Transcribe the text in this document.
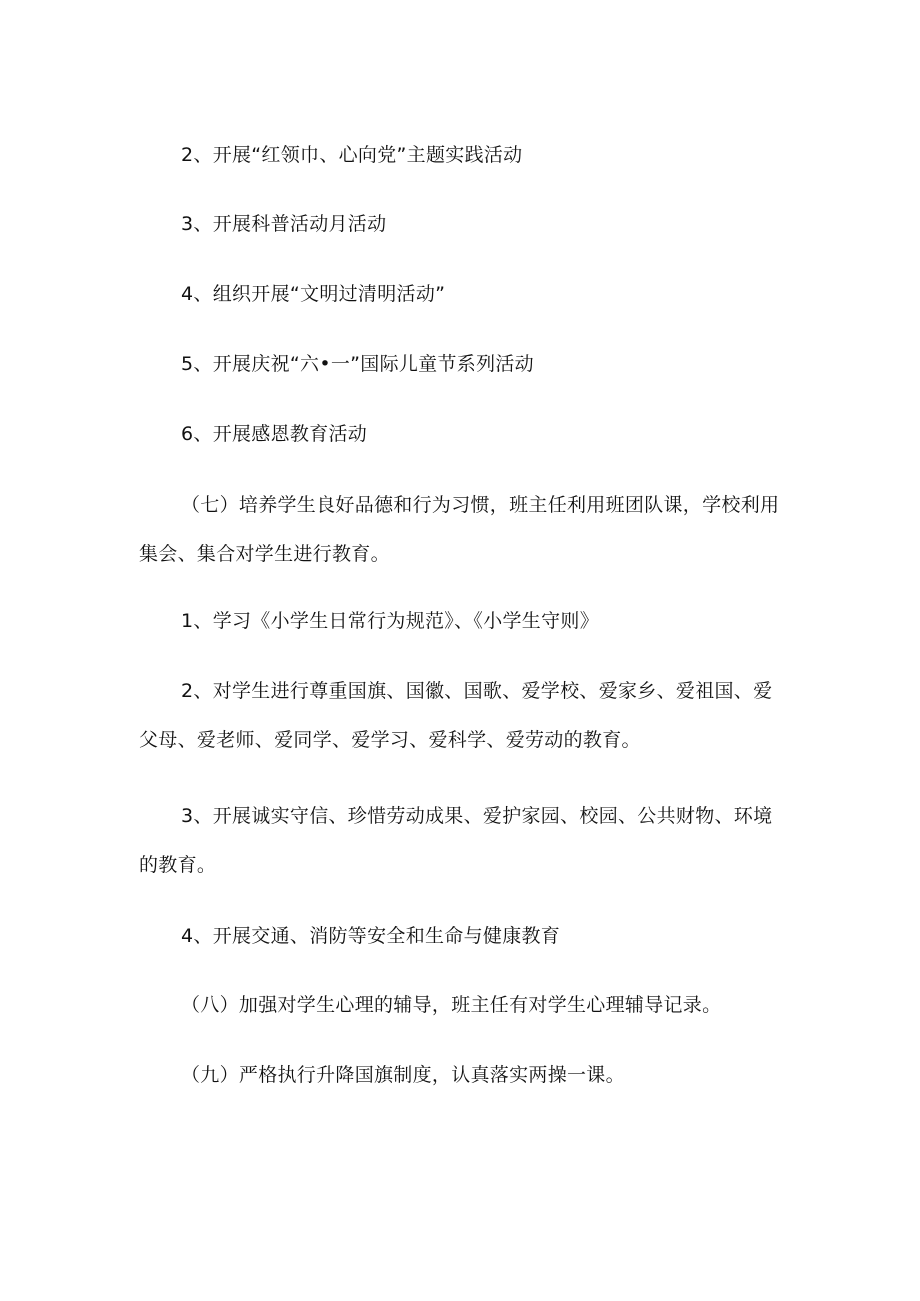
2、开展“红领巾、心向党”主题实践活动

3、开展科普活动月活动

4、组织开展“文明过清明活动”

5、开展庆祝“六•一”国际儿童节系列活动

6、开展感恩教育活动

（七）培养学生良好品德和行为习惯，班主任利用班团队课，学校利用集会、集合对学生进行教育。

1、学习《小学生日常行为规范》、《小学生守则》

2、对学生进行尊重国旗、国徽、国歌、爱学校、爱家乡、爱祖国、爱父母、爱老师、爱同学、爱学习、爱科学、爱劳动的教育。

3、开展诚实守信、珍惜劳动成果、爱护家园、校园、公共财物、环境的教育。

4、开展交通、消防等安全和生命与健康教育

（八）加强对学生心理的辅导，班主任有对学生心理辅导记录。

（九）严格执行升降国旗制度，认真落实两操一课。
